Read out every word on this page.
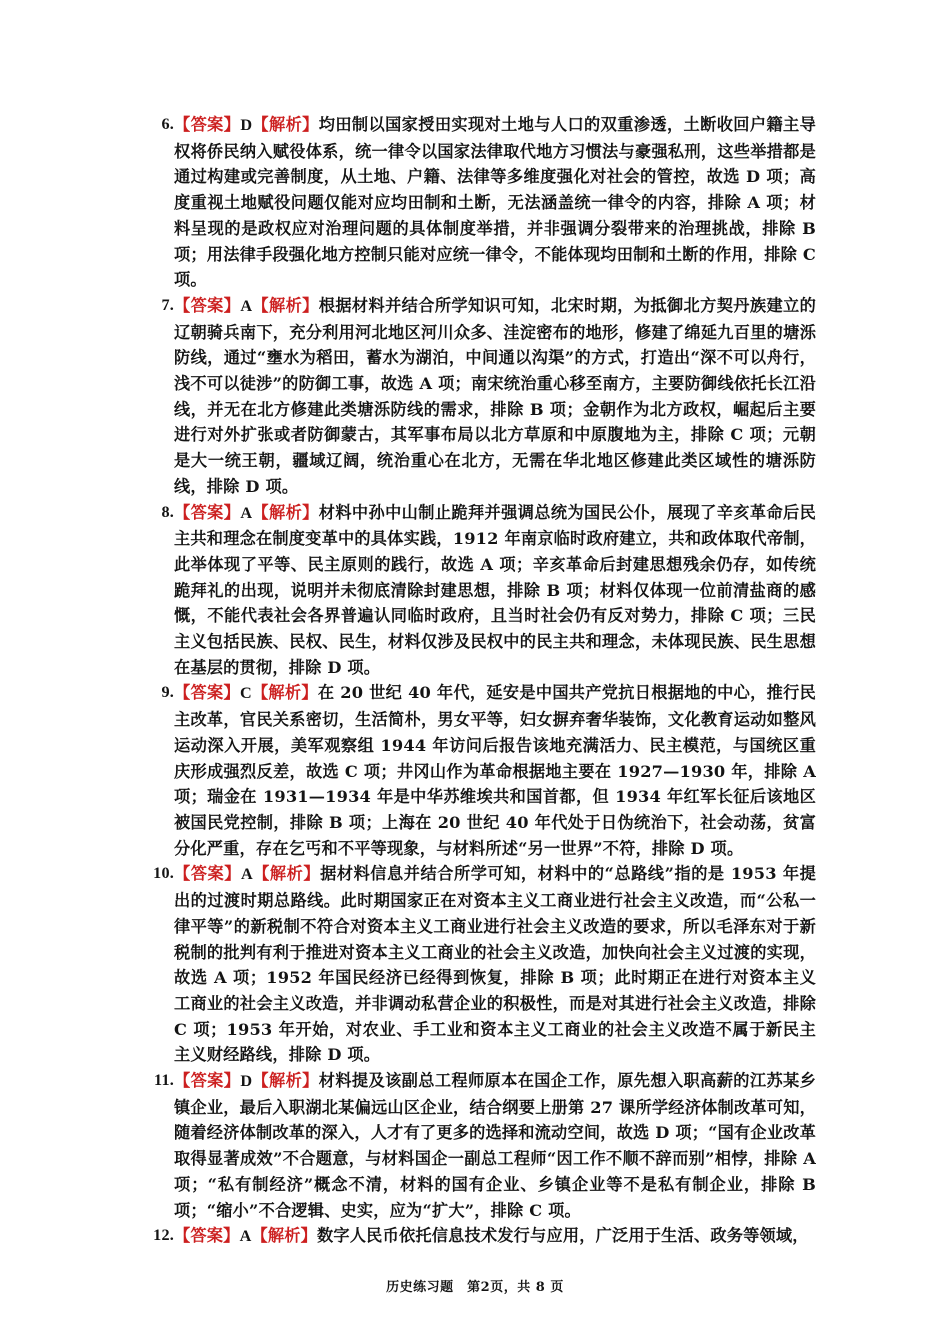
6. 【答案】D【解析】均田制以国家授田实现对土地与人口的双重渗透，土断收回户籍主导权将侨民纳入赋役体系，统一律令以国家法律取代地方习惯法与豪强私刑，这些举措都是通过构建或完善制度，从土地、户籍、法律等多维度强化对社会的管控，故选 D 项；高度重视土地赋役问题仅能对应均田制和土断，无法涵盖统一律令的内容，排除 A 项；材料呈现的是政权应对治理问题的具体制度举措，并非强调分裂带来的治理挑战，排除 B 项；用法律手段强化地方控制只能对应统一律令，不能体现均田制和土断的作用，排除 C 项。
7. 【答案】A【解析】根据材料并结合所学知识可知，北宋时期，为抵御北方契丹族建立的辽朝骑兵南下，充分利用河北地区河川众多、洼淀密布的地形，修建了绵延九百里的塘泺防线，通过“壅水为稻田，蓄水为湖泊，中间通以沟渠”的方式，打造出“深不可以舟行，浅不可以徒涉”的防御工事，故选 A 项；南宋统治重心移至南方，主要防御线依托长江沿线，并无在北方修建此类塘泺防线的需求，排除 B 项；金朝作为北方政权，崛起后主要进行对外扩张或者防御蒙古，其军事布局以北方草原和中原腹地为主，排除 C 项；元朝是大一统王朝，疆域辽阔，统治重心在北方，无需在华北地区修建此类区域性的塘泺防线，排除 D 项。
8. 【答案】A【解析】材料中孙中山制止跪拜并强调总统为国民公仆，展现了辛亥革命后民主共和理念在制度变革中的具体实践，1912 年南京临时政府建立，共和政体取代帝制，此举体现了平等、民主原则的践行，故选 A 项；辛亥革命后封建思想残余仍存，如传统跪拜礼的出现，说明并未彻底清除封建思想，排除 B 项；材料仅体现一位前清盐商的感慨，不能代表社会各界普遍认同临时政府，且当时社会仍有反对势力，排除 C 项；三民主义包括民族、民权、民生，材料仅涉及民权中的民主共和理念，未体现民族、民生思想在基层的贯彻，排除 D 项。
9. 【答案】C【解析】在 20 世纪 40 年代，延安是中国共产党抗日根据地的中心，推行民主改革，官民关系密切，生活简朴，男女平等，妇女摒弃奢华装饰，文化教育运动如整风运动深入开展，美军观察组 1944 年访问后报告该地充满活力、民主模范，与国统区重庆形成强烈反差，故选 C 项；井冈山作为革命根据地主要在 1927—1930 年，排除 A 项；瑞金在 1931—1934 年是中华苏维埃共和国首都，但 1934 年红军长征后该地区被国民党控制，排除 B 项；上海在 20 世纪 40 年代处于日伪统治下，社会动荡，贫富分化严重，存在乞丐和不平等现象，与材料所述“另一世界”不符，排除 D 项。
10. 【答案】A【解析】据材料信息并结合所学可知，材料中的“总路线”指的是 1953 年提出的过渡时期总路线。此时期国家正在对资本主义工商业进行社会主义改造，而“公私一律平等”的新税制不符合对资本主义工商业进行社会主义改造的要求，所以毛泽东对于新税制的批判有利于推进对资本主义工商业的社会主义改造，加快向社会主义过渡的实现，故选 A 项；1952 年国民经济已经得到恢复，排除 B 项；此时期正在进行对资本主义工商业的社会主义改造，并非调动私营企业的积极性，而是对其进行社会主义改造，排除 C 项；1953 年开始，对农业、手工业和资本主义工商业的社会主义改造不属于新民主主义财经路线，排除 D 项。
11. 【答案】D【解析】材料提及该副总工程师原本在国企工作，原先想入职高薪的江苏某乡镇企业，最后入职湖北某偏远山区企业，结合纲要上册第 27 课所学经济体制改革可知，随着经济体制改革的深入，人才有了更多的选择和流动空间，故选 D 项；“国有企业改革取得显著成效”不合题意，与材料国企一副总工程师“因工作不顺不辞而别”相悖，排除 A 项；“私有制经济”概念不清，材料的国有企业、乡镇企业等不是私有制企业，排除 B 项；“缩小”不合逻辑、史实，应为“扩大”，排除 C 项。
12. 【答案】A【解析】数字人民币依托信息技术发行与应用，广泛用于生活、政务等领域，
历史练习题　第2页，共 8 页
